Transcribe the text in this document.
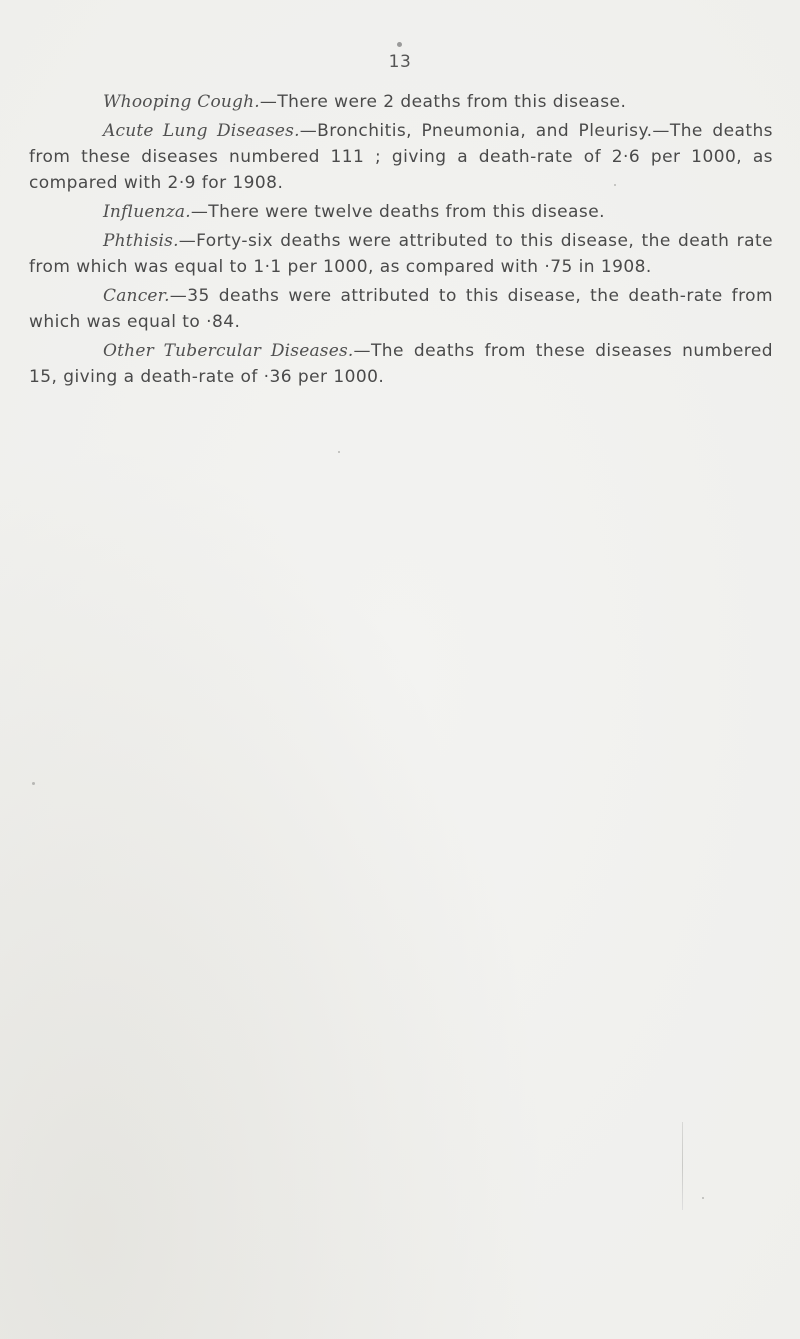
13

Whooping Cough.—There were 2 deaths from this disease.

Acute Lung Diseases.—Bronchitis, Pneumonia, and Pleurisy.—The deaths from these diseases numbered 111 ; giving a death-rate of 2·6 per 1000, as compared with 2·9 for 1908.

Influenza.—There were twelve deaths from this disease.

Phthisis.—Forty-six deaths were attributed to this disease, the death rate from which was equal to 1·1 per 1000, as compared with ·75 in 1908.

Cancer.—35 deaths were attributed to this disease, the death-rate from which was equal to ·84.

Other Tubercular Diseases.—The deaths from these diseases numbered 15, giving a death-rate of ·36 per 1000.
